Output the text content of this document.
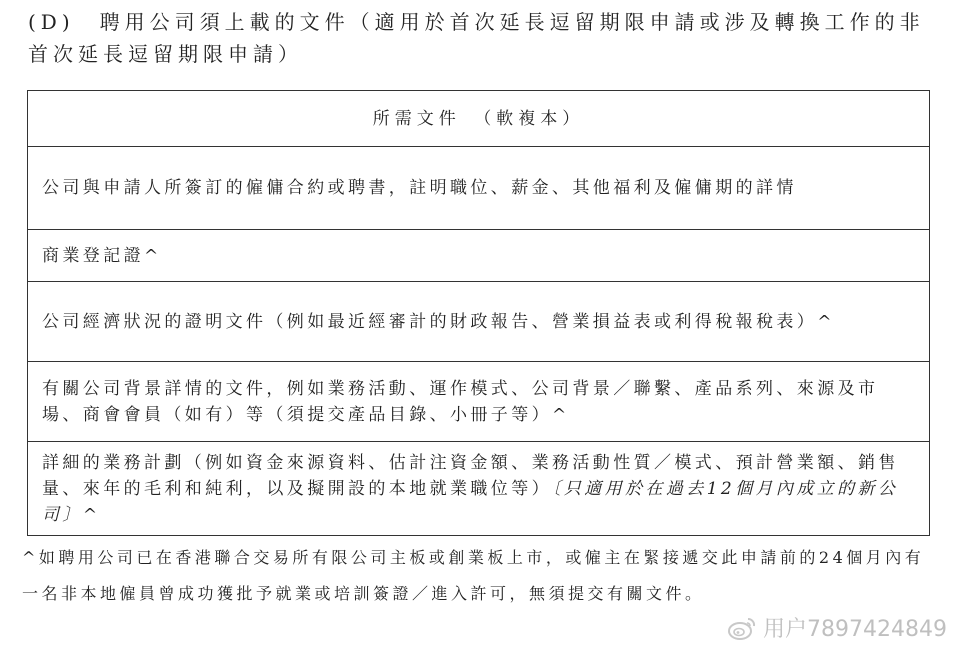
(D)　聘用公司須上載的文件（適用於首次延長逗留期限申請或涉及轉換工作的非首次延長逗留期限申請）
所需文件　（軟複本）
公司與申請人所簽訂的僱傭合約或聘書，註明職位、薪金、其他福利及僱傭期的詳情
商業登記證^
公司經濟狀況的證明文件（例如最近經審計的財政報告、營業損益表或利得稅報稅表）^
有關公司背景詳情的文件，例如業務活動、運作模式、公司背景／聯繫、產品系列、來源及市場、商會會員（如有）等（須提交產品目錄、小冊子等）^
詳細的業務計劃（例如資金來源資料、估計注資金額、業務活動性質／模式、預計營業額、銷售量、來年的毛利和純利，以及擬開設的本地就業職位等）〔只適用於在過去12個月內成立的新公司〕^

^如聘用公司已在香港聯合交易所有限公司主板或創業板上市，或僱主在緊接遞交此申請前的24個月內有一名非本地僱員曾成功獲批予就業或培訓簽證／進入許可，無須提交有關文件。

用户7897424849
